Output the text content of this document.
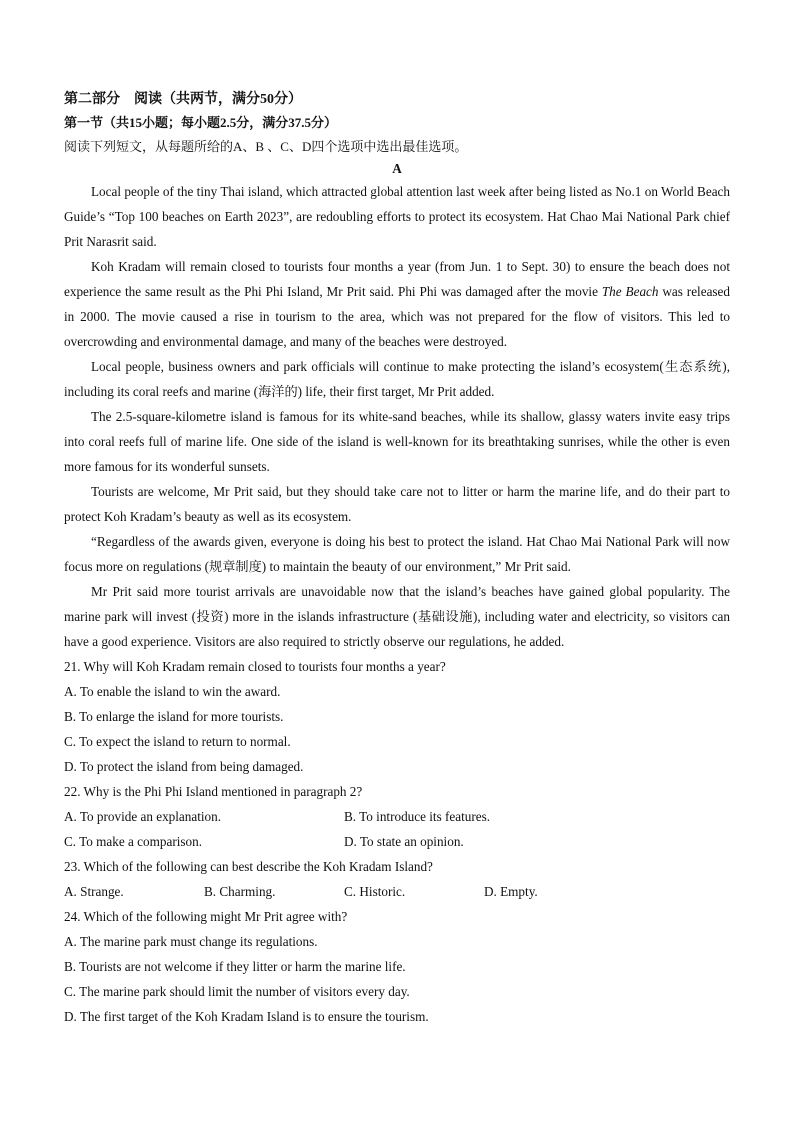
第二部分　阅读（共两节，满分50分）
第一节（共15小题；每小题2.5分，满分37.5分）
阅读下列短文，从每题所给的A、B 、C、D四个选项中选出最佳选项。
A

Local people of the tiny Thai island, which attracted global attention last week after being listed as No.1 on World Beach Guide’s “Top 100 beaches on Earth 2023”, are redoubling efforts to protect its ecosystem. Hat Chao Mai National Park chief Prit Narasrit said.

Koh Kradam will remain closed to tourists four months a year (from Jun. 1 to Sept. 30) to ensure the beach does not experience the same result as the Phi Phi Island, Mr Prit said. Phi Phi was damaged after the movie The Beach was released in 2000. The movie caused a rise in tourism to the area, which was not prepared for the flow of visitors. This led to overcrowding and environmental damage, and many of the beaches were destroyed.

Local people, business owners and park officials will continue to make protecting the island’s ecosystem(生态系统), including its coral reefs and marine (海洋的) life, their first target, Mr Prit added.

The 2.5-square-kilometre island is famous for its white-sand beaches, while its shallow, glassy waters invite easy trips into coral reefs full of marine life. One side of the island is well-known for its breathtaking sunrises, while the other is even more famous for its wonderful sunsets.

Tourists are welcome, Mr Prit said, but they should take care not to litter or harm the marine life, and do their part to protect Koh Kradam’s beauty as well as its ecosystem.

“Regardless of the awards given, everyone is doing his best to protect the island. Hat Chao Mai National Park will now focus more on regulations (规章制度) to maintain the beauty of our environment,” Mr Prit said.

Mr Prit said more tourist arrivals are unavoidable now that the island’s beaches have gained global popularity. The marine park will invest (投资) more in the islands infrastructure (基础设施), including water and electricity, so visitors can have a good experience. Visitors are also required to strictly observe our regulations, he added.

21. Why will Koh Kradam remain closed to tourists four months a year?

A. To enable the island to win the award.

B. To enlarge the island for more tourists.

C. To expect the island to return to normal.

D. To protect the island from being damaged.

22. Why is the Phi Phi Island mentioned in paragraph 2?

A. To provide an explanation.	B. To introduce its features.
C. To make a comparison.	D. To state an opinion.

23. Which of the following can best describe the Koh Kradam Island?

A. Strange.	B. Charming.	C. Historic.	D. Empty.

24. Which of the following might Mr Prit agree with?

A. The marine park must change its regulations.

B. Tourists are not welcome if they litter or harm the marine life.

C. The marine park should limit the number of visitors every day.

D. The first target of the Koh Kradam Island is to ensure the tourism.
